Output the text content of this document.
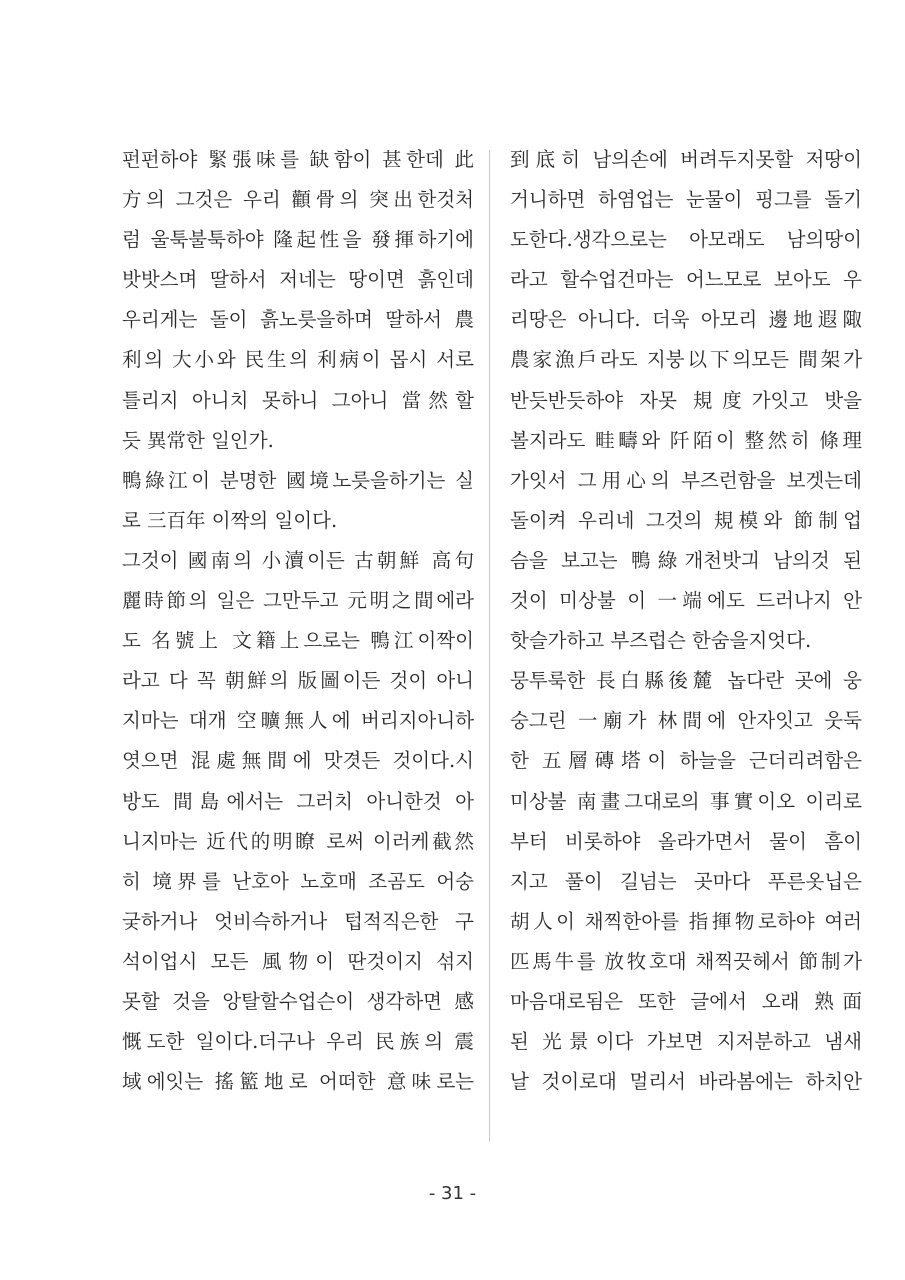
펀펀하야 緊張味를 缺함이 甚한데 此
方의 그것은 우리 顴骨의 突出한것처
럼 울툭불툭하야 隆起性을 發揮하기에
밧밧스며 딸하서 저네는 땅이면 흙인데
우리게는 돌이 흙노릇을하며 딸하서 農
利의 大小와 民生의 利病이 몹시 서로
틀리지 아니치 못하니 그아니 當然할
듯 異常한 일인가.
鴨綠江이 분명한 國境노릇을하기는 실
로 三百年 이짝의 일이다.
그것이 國南의 小瀆이든 古朝鮮 高句
麗時節의 일은 그만두고 元明之間에라
도 名號上 文籍上으로는 鴨江이짝이
라고 다 꼭 朝鮮의 版圖이든 것이 아니
지마는 대개 空曠無人에 버리지아니하
엿으면 混處無間에 맛겻든 것이다.시
방도 間島에서는 그러치 아니한것 아
니지마는 近代的明瞭 로써 이러케截然
히 境界를 난호아 노호매 조곰도 어숭
궂하거나 엇비슥하거나 텁적직은한 구
석이업시 모든 風物이 딴것이지 섞지
못할 것을 앙탈할수업슨이 생각하면 感
慨도한 일이다.더구나 우리 民族의 震
域에잇는 搖籃地로 어떠한 意味로는
到底히 남의손에 버려두지못할 저땅이
거니하면 하염업는 눈물이 핑그를 돌기
도한다.생각으로는 아모래도 남의땅이
라고 할수업건마는 어느모로 보아도 우
리땅은 아니다. 더욱 아모리 邊地遐陬
農家漁戶라도 지붕以下의모든 間架가
반듯반듯하야 자못 規度가잇고 밧을
볼지라도 畦疇와 阡陌이 整然히 條理
가잇서 그用心의 부즈런함을 보겟는데
돌이켜 우리네 그것의 規模와 節制업
슴을 보고는 鴨綠개천밧긔 남의것 된
것이 미상불 이 一端에도 드러나지 안
핫슬가하고 부즈럽슨 한숨을지엇다.
뭉투룩한 長白縣後麓 놉다란 곳에 웅
숭그린 一廟가 林間에 안자잇고 웃둑
한 五層磚塔이 하늘을 근더리려함은
미상불 南畫그대로의 事實이오 이리로
부터 비롯하야 올라가면서 물이 흠이
지고 풀이 길넘는 곳마다 푸른옷닙은
胡人이 채찍한아를 指揮物로하야 여러
匹馬牛를 放牧호대 채찍끗헤서 節制가
마음대로됨은 또한 글에서 오래 熟面
된 光景이다 가보면 지저분하고 냄새
날 것이로대 멀리서 바라봄에는 하치안
- 31 -
